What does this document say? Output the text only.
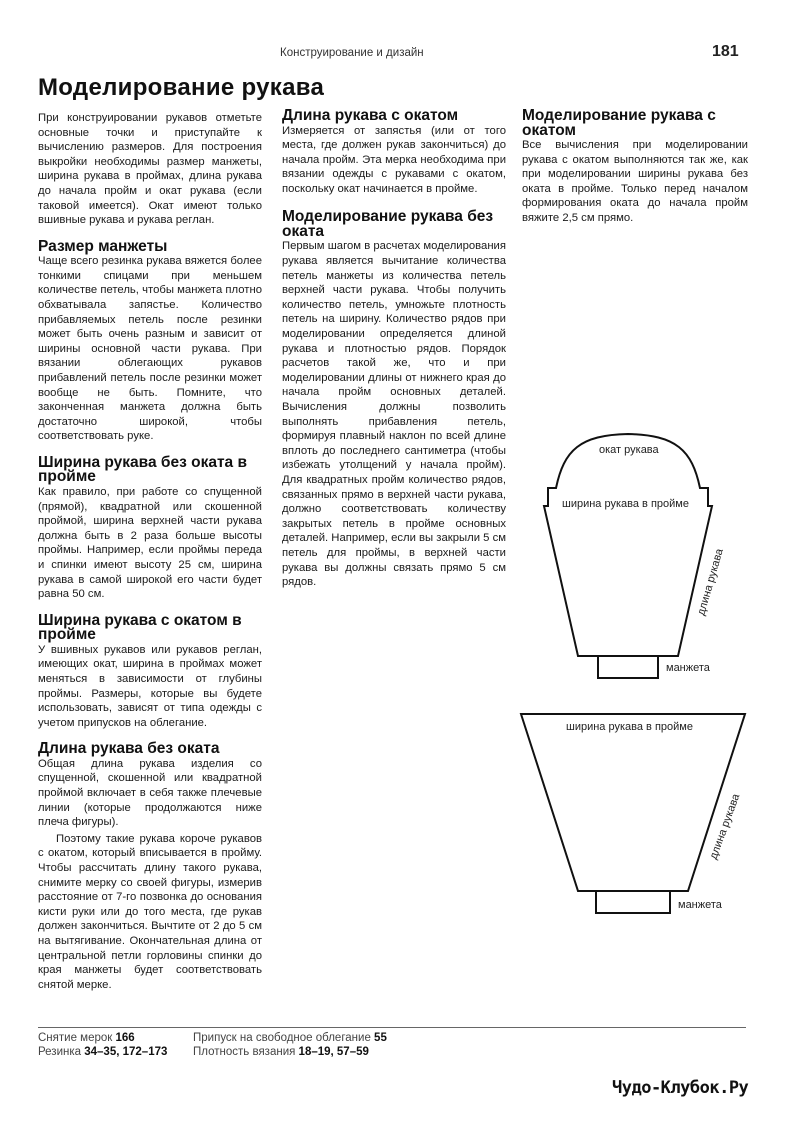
Конструирование и дизайн	181
Моделирование рукава

При конструировании рукавов отметьте основные точки и приступайте к вычислению размеров. Для построения выкройки необходимы размер манжеты, ширина рукава в проймах, длина рукава до начала пройм и окат рукава (если таковой имеется). Окат имеют только вшивные рукава и рукава реглан.

Размер манжеты

Чаще всего резинка рукава вяжется более тонкими спицами при меньшем количестве петель, чтобы манжета плотно обхватывала запястье. Количество прибавляемых петель после резинки может быть очень разным и зависит от ширины основной части рукава. При вязании облегающих рукавов прибавлений петель после резинки может вообще не быть. Помните, что законченная манжета должна быть достаточно широкой, чтобы соответствовать руке.

Ширина рукава без оката в пройме

Как правило, при работе со спущенной (прямой), квадратной или скошенной проймой, ширина верхней части рукава должна быть в 2 раза больше высоты проймы. Например, если проймы переда и спинки имеют высоту 25 см, ширина рукава в самой широкой его части будет равна 50 см.

Ширина рукава с окатом в пройме

У вшивных рукавов или рукавов реглан, имеющих окат, ширина в проймах может меняться в зависимости от глубины проймы. Размеры, которые вы будете использовать, зависят от типа одежды с учетом припусков на облегание.

Длина рукава без оката

Общая длина рукава изделия со спущенной, скошенной или квадратной проймой включает в себя также плечевые линии (которые продолжаются ниже плеча фигуры).

Поэтому такие рукава короче рукавов с окатом, который вписывается в пройму. Чтобы рассчитать длину такого рукава, снимите мерку со своей фигуры, измерив расстояние от 7-го позвонка до основания кисти руки или до того места, где рукав должен закончиться. Вычтите от 2 до 5 см на вытягивание. Окончательная длина от центральной петли горловины спинки до края манжеты будет соответствовать снятой мерке.

Длина рукава с окатом

Измеряется от запястья (или от того места, где должен рукав закончиться) до начала пройм. Эта мерка необходима при вязании одежды с рукавами с окатом, поскольку окат начинается в пройме.

Моделирование рукава без оката

Первым шагом в расчетах моделирования рукава является вычитание количества петель манжеты из количества петель верхней части рукава. Чтобы получить количество петель, умножьте плотность петель на ширину. Количество рядов при моделировании определяется длиной рукава и плотностью рядов. Порядок расчетов такой же, что и при моделировании длины от нижнего края до начала пройм основных деталей. Вычисления должны позволить выполнять прибавления петель, формируя плавный наклон по всей длине вплоть до последнего сантиметра (чтобы избежать утолщений у начала пройм). Для квадратных пройм количество рядов, связанных прямо в верхней части рукава, должно соответствовать количеству закрытых петель в пройме основных деталей. Например, если вы закрыли 5 см петель для проймы, в верхней части рукава вы должны связать прямо 5 см рядов.

Моделирование рукава с окатом

Все вычисления при моделировании рукава с окатом выполняются так же, как при моделировании ширины рукава без оката в пройме. Только перед началом формирования оката до начала пройм вяжите 2,5 см прямо.

окат рукава
ширина рукава в пройме
длина рукава
манжета
ширина рукава в пройме
длина рукава
манжета
Снятие мерок 166
Резинка 34–35, 172–173
Припуск на свободное облегание 55
Плотность вязания 18–19, 57–59
Чудо-Клубок.Ру
